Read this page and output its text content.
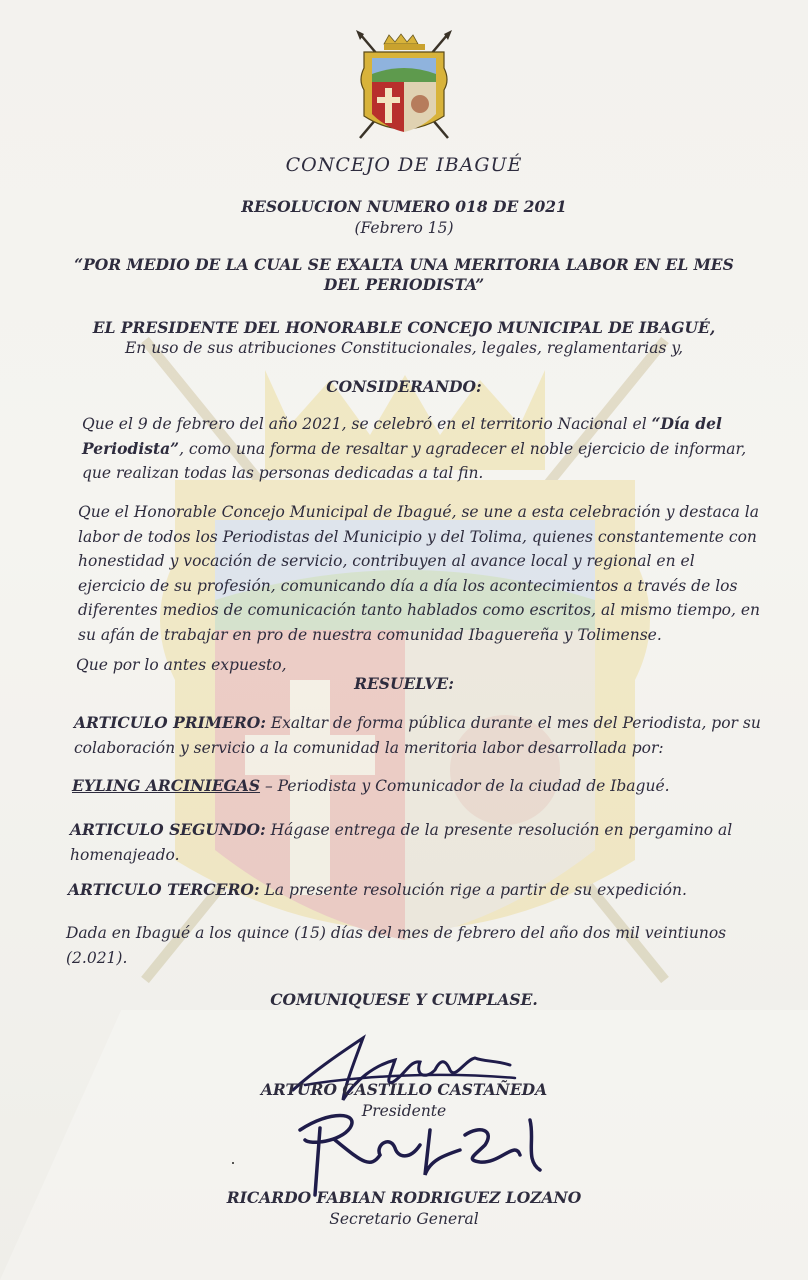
CONCEJO DE IBAGUÉ
RESOLUCION NUMERO 018 DE 2021
(Febrero 15)
“POR MEDIO DE LA CUAL SE EXALTA UNA MERITORIA LABOR EN EL MES
DEL PERIODISTA”
EL PRESIDENTE DEL HONORABLE CONCEJO MUNICIPAL DE IBAGUÉ,
En uso de sus atribuciones Constitucionales, legales, reglamentarias y,
CONSIDERANDO:
Que el 9 de febrero del año 2021, se celebró en el territorio Nacional el “Día del Periodista”, como una forma de resaltar y agradecer el noble ejercicio de informar, que realizan todas las personas dedicadas a tal fin.
Que el Honorable Concejo Municipal de Ibagué, se une a esta celebración y destaca la labor de todos los Periodistas del Municipio y del Tolima, quienes constantemente con honestidad y vocación de servicio, contribuyen al avance local y regional en el ejercicio de su profesión, comunicando día a día los acontecimientos a través de los diferentes medios de comunicación tanto hablados como escritos, al mismo tiempo, en su afán de trabajar en pro de nuestra comunidad Ibaguereña y Tolimense.
Que por lo antes expuesto,
RESUELVE:
ARTICULO PRIMERO: Exaltar de forma pública durante el mes del Periodista, por su colaboración y servicio a la comunidad la meritoria labor desarrollada por:
EYLING ARCINIEGAS – Periodista y Comunicador de la ciudad de Ibagué.
ARTICULO SEGUNDO: Hágase entrega de la presente resolución en pergamino al homenajeado.
ARTICULO TERCERO: La presente resolución rige a partir de su expedición.
Dada en Ibagué a los quince (15) días del mes de febrero del año dos mil veintiunos (2.021).
COMUNIQUESE Y CUMPLASE.
ARTURO CASTILLO CASTAÑEDA
Presidente
RICARDO FABIAN RODRIGUEZ LOZANO
Secretario General
